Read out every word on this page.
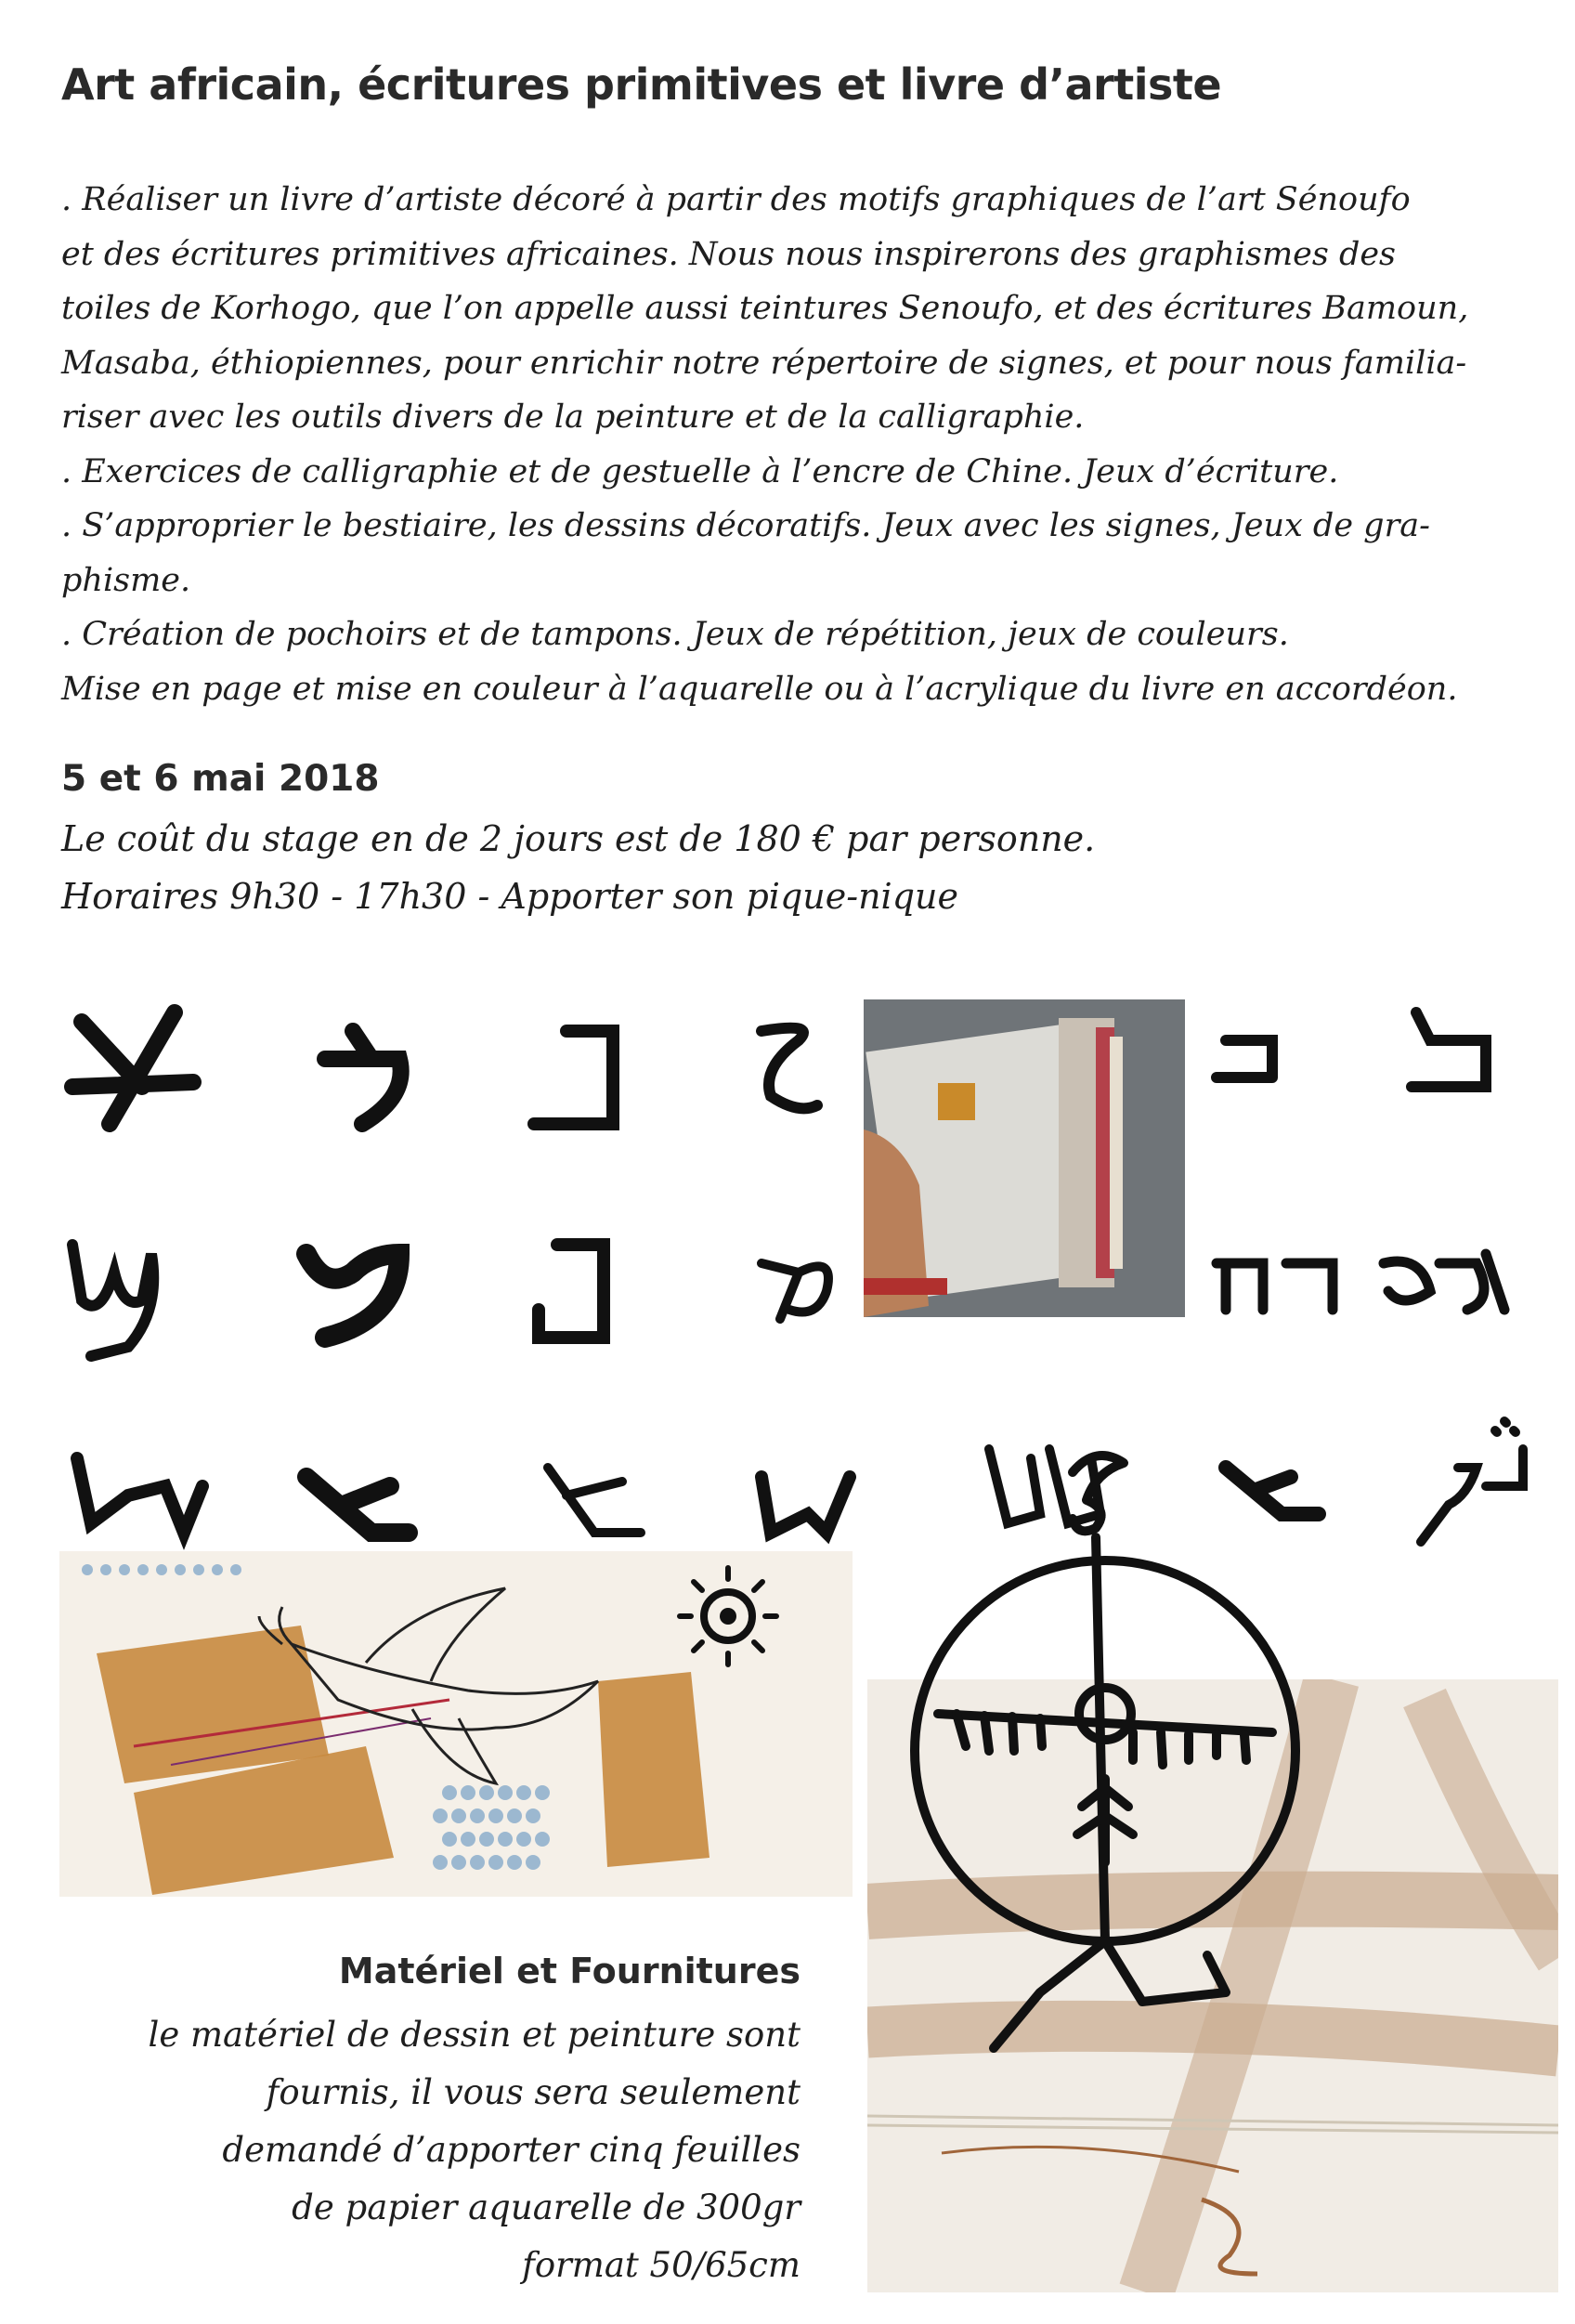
Art africain, écritures primitives et livre d’artiste
. Réaliser un livre d’artiste décoré à partir des motifs graphiques de l’art Sénoufo
et des écritures primitives africaines. Nous nous inspirerons des graphismes des
toiles de Korhogo, que l’on appelle aussi teintures Senoufo, et des écritures Bamoun,
Masaba, éthiopiennes, pour enrichir notre répertoire de signes, et pour nous familia-
riser avec les outils divers de la peinture et de la calligraphie.
. Exercices de calligraphie et de gestuelle à l’encre de Chine. Jeux d’écriture.
. S’approprier le bestiaire, les dessins décoratifs. Jeux avec les signes, Jeux de gra-
phisme.
. Création de pochoirs et de tampons. Jeux de répétition, jeux de couleurs.
Mise en page et mise en couleur à l’aquarelle ou à l’acrylique du livre en accordéon.
5 et 6 mai 2018
Le coût du stage en de 2 jours est de 180 € par personne.
Horaires 9h30 - 17h30 - Apporter son pique-nique
Matériel et Fournitures
le matériel de dessin et peinture sont
fournis, il vous sera seulement
demandé d’apporter cinq feuilles
de papier aquarelle de 300gr
format 50/65cm
